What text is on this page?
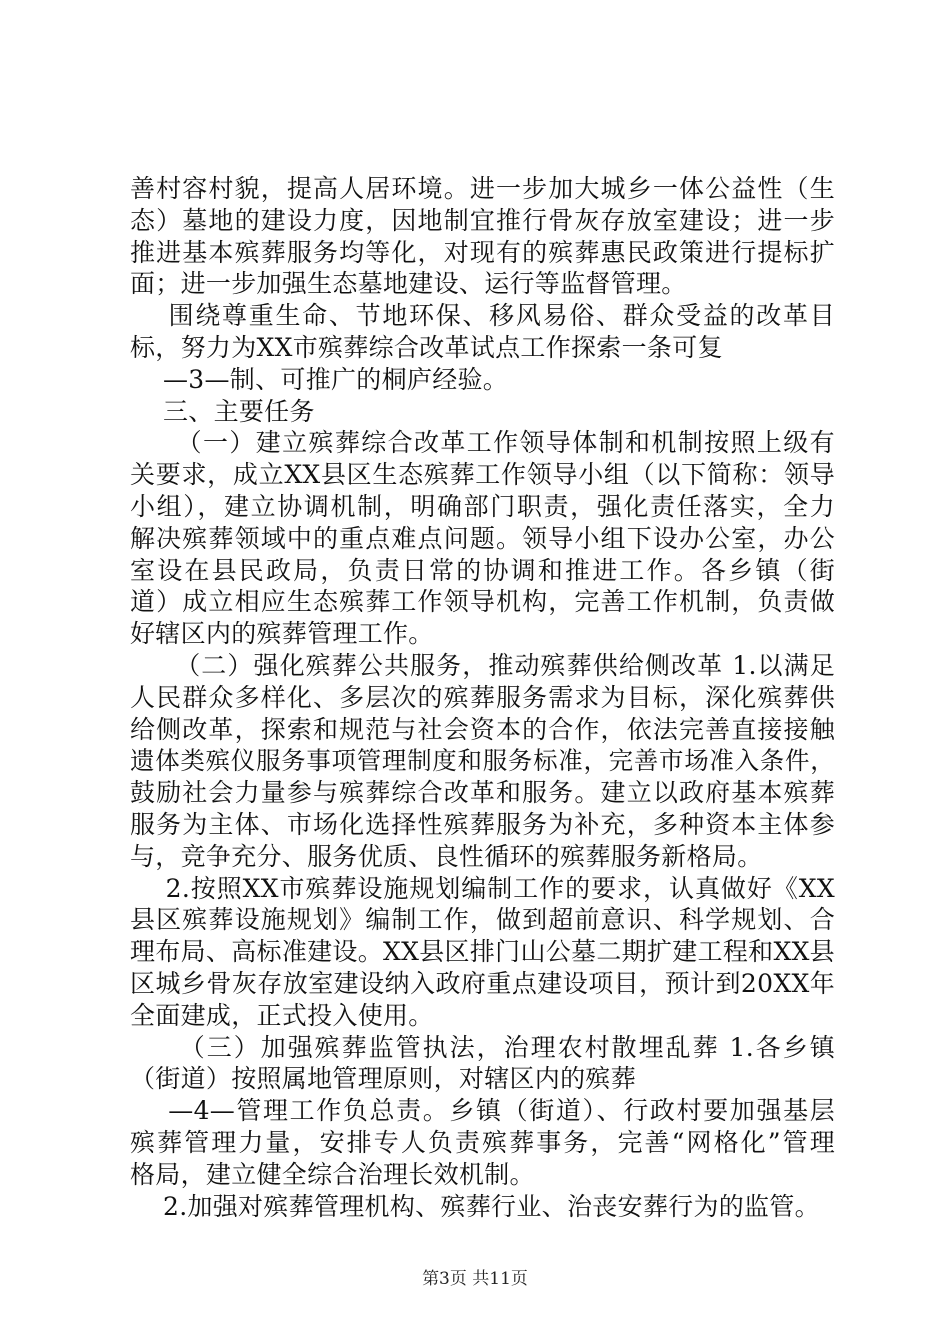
善村容村貌，提高人居环境。进一步加大城乡一体公益性（生
态）墓地的建设力度，因地制宜推行骨灰存放室建设；进一步
推进基本殡葬服务均等化，对现有的殡葬惠民政策进行提标扩
面；进一步加强生态墓地建设、运行等监督管理。
围绕尊重生命、节地环保、移风易俗、群众受益的改革目
标，努力为XX市殡葬综合改革试点工作探索一条可复
—3—制、可推广的桐庐经验。
三、主要任务
（一）建立殡葬综合改革工作领导体制和机制按照上级有
关要求，成立XX县区生态殡葬工作领导小组（以下简称：领导
小组），建立协调机制，明确部门职责，强化责任落实，全力
解决殡葬领域中的重点难点问题。领导小组下设办公室，办公
室设在县民政局，负责日常的协调和推进工作。各乡镇（街
道）成立相应生态殡葬工作领导机构，完善工作机制，负责做
好辖区内的殡葬管理工作。
（二）强化殡葬公共服务，推动殡葬供给侧改革 1.以满足
人民群众多样化、多层次的殡葬服务需求为目标，深化殡葬供
给侧改革，探索和规范与社会资本的合作，依法完善直接接触
遗体类殡仪服务事项管理制度和服务标准，完善市场准入条件，
鼓励社会力量参与殡葬综合改革和服务。建立以政府基本殡葬
服务为主体、市场化选择性殡葬服务为补充，多种资本主体参
与，竞争充分、服务优质、良性循环的殡葬服务新格局。
2.按照XX市殡葬设施规划编制工作的要求，认真做好《XX
县区殡葬设施规划》编制工作，做到超前意识、科学规划、合
理布局、高标准建设。XX县区排门山公墓二期扩建工程和XX县
区城乡骨灰存放室建设纳入政府重点建设项目，预计到20XX年
全面建成，正式投入使用。
（三）加强殡葬监管执法，治理农村散埋乱葬 1.各乡镇
（街道）按照属地管理原则，对辖区内的殡葬
—4—管理工作负总责。乡镇（街道）、行政村要加强基层
殡葬管理力量，安排专人负责殡葬事务，完善“网格化”管理
格局，建立健全综合治理长效机制。
2.加强对殡葬管理机构、殡葬行业、治丧安葬行为的监管。
第3页 共11页
